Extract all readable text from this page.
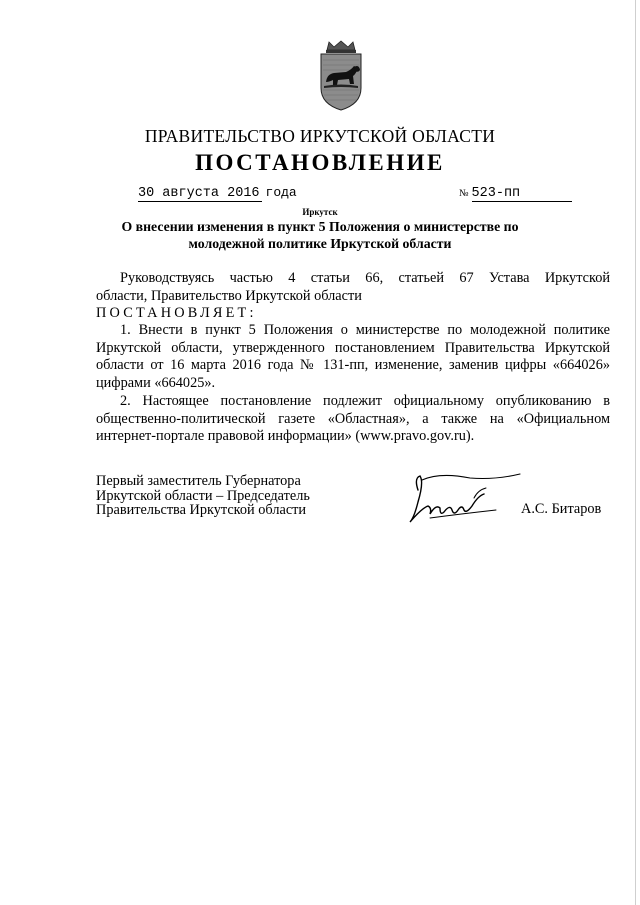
ПРАВИТЕЛЬСТВО ИРКУТСКОЙ ОБЛАСТИ
ПОСТАНОВЛЕНИЕ
30 августа 2016 года	№ 523-пп
Иркутск
О внесении изменения в пункт 5 Положения о министерстве по молодежной политике Иркутской области
Руководствуясь частью 4 статьи 66, статьей 67 Устава Иркутской
области, Правительство Иркутской области
ПОСТАНОВЛЯЕТ:
1. Внести в пункт 5 Положения о министерстве по молодежной политике Иркутской области, утвержденного постановлением Правительства Иркутской области от 16 марта 2016 года № 131-пп, изменение, заменив цифры «664026» цифрами «664025».
2. Настоящее постановление подлежит официальному опубликованию в общественно-политической газете «Областная», а также на «Официальном интернет-портале правовой информации» (www.pravo.gov.ru).
Первый заместитель Губернатора
Иркутской области – Председатель
Правительства Иркутской области	А.С. Битаров
